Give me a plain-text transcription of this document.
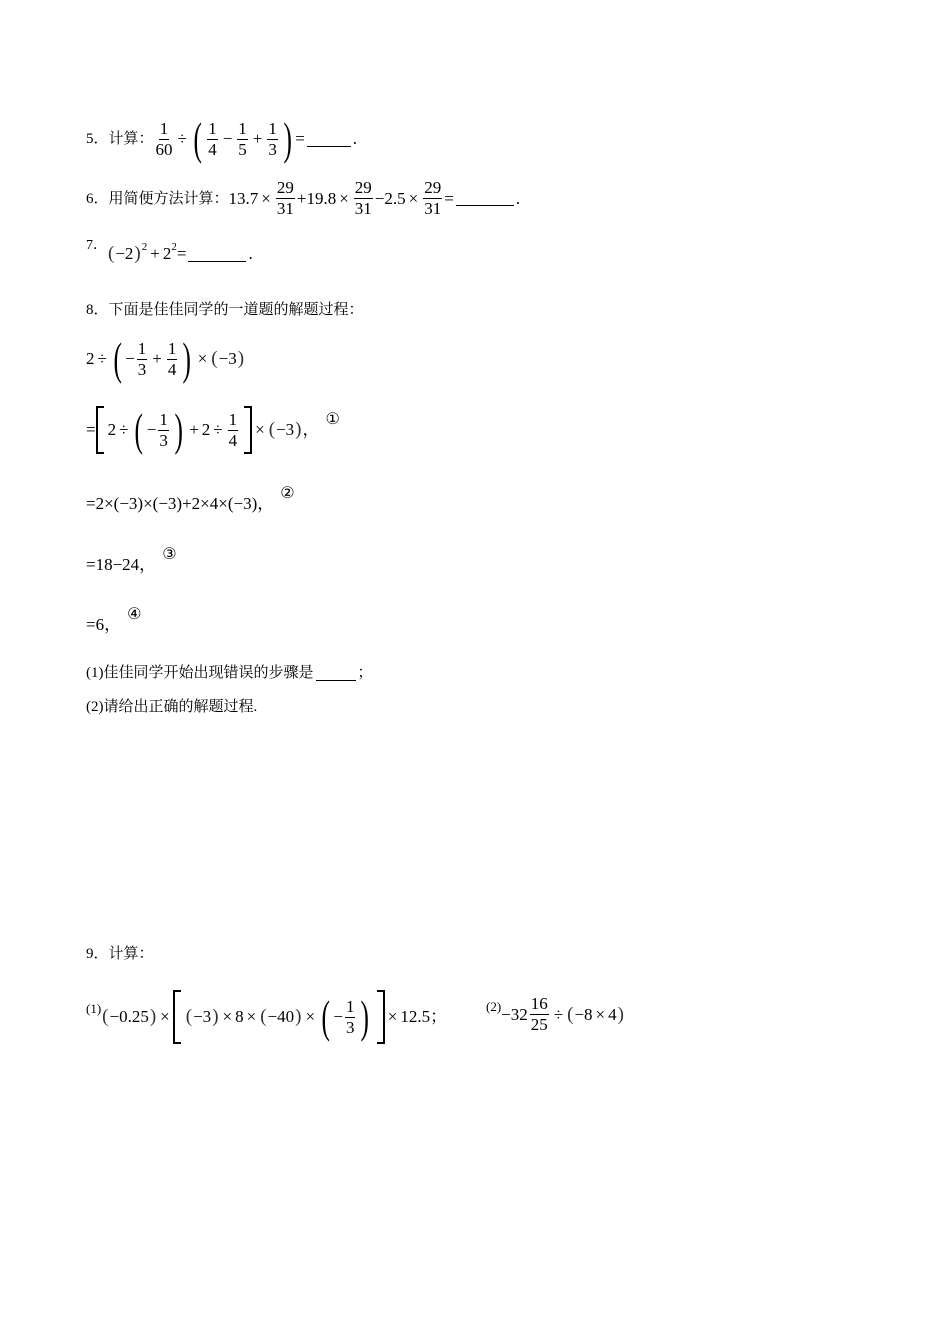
5．计算： $\frac{1}{60}$ ÷ ( $\frac{1}{4} - \frac{1}{5} + \frac{1}{3}$ ) =	.
6．用简便方法计算： $13.7 \times \frac{29}{31} +19.8 \times \frac{29}{31} -2.5 \times \frac{29}{31}$ =	.
7． ( −2 ) 2 + 2 2 =	.
8．下面是佳佳同学的一道题的解题过程：
2 ÷ ( − $\frac{1}{3} + \frac{1}{4}$ ) × ( −3 )
= 2 ÷ ( − $\frac{1}{3}$ ) + $2 \div \frac{1}{4}$ × ( −3 ) ，
①
=2×(−3)×(−3)+2×4×(−3)，
②
=18−24，
③
=6，
④
(1)佳佳同学开始出现错误的步骤是	；
(2)请给出正确的解题过程.
9．计算：
(1) ( −0.25 ) × ( −3 ) × 8 × ( −40 ) × ( − $\frac{1}{3}$ ) × 12.5 ；
$(2) -32 \frac{16}{25}$ ÷ ( −8 × 4 )
